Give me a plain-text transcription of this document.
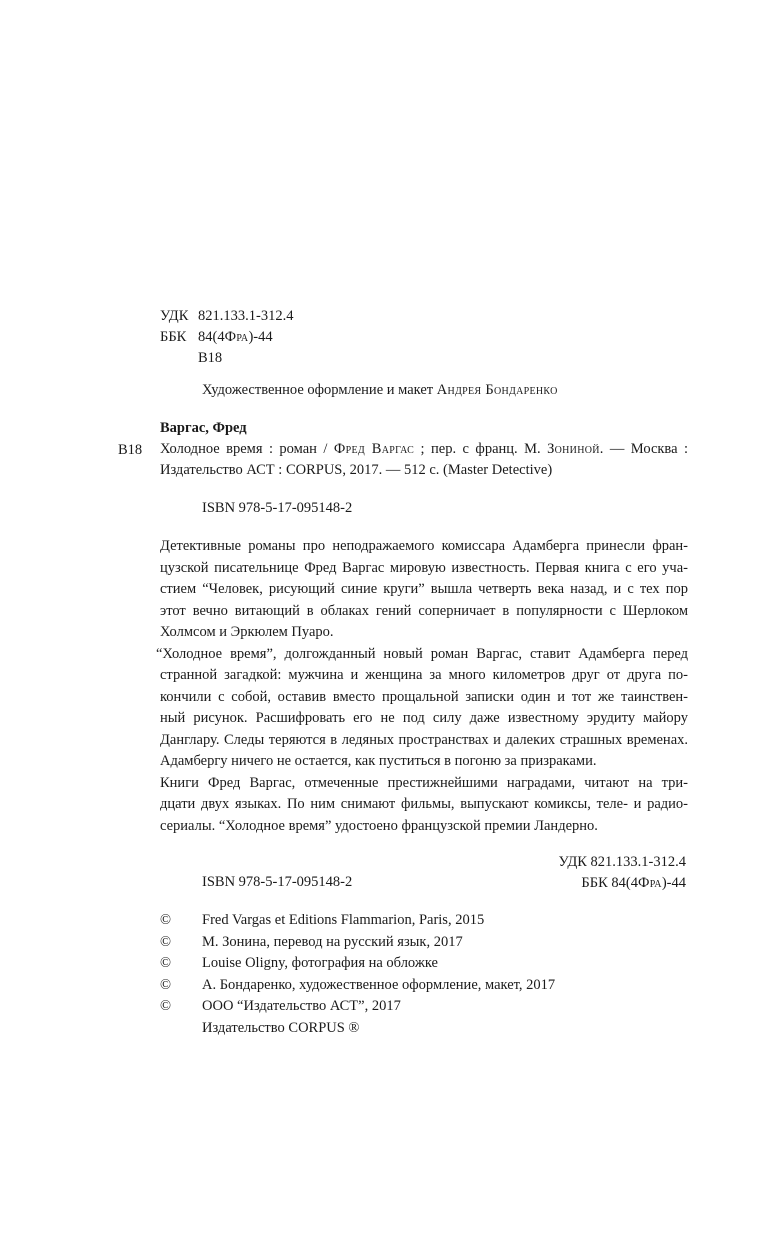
УДК 821.133.1-312.4
ББК 84(4Фра)-44
В18
Художественное оформление и макет Андрея Бондаренко
Варгас, Фред
В18 Холодное время : роман / Фред Варгас ; пер. с франц. М. Зониной. — Москва :
Издательство АСТ : CORPUS, 2017. — 512 с. (Master Detective)
ISBN 978-5-17-095148-2
Детективные романы про неподражаемого комиссара Адамберга принесли фран-
цузской писательнице Фред Варгас мировую известность. Первая книга с его уча-
стием “Человек, рисующий синие круги” вышла четверть века назад, и с тех пор
этот вечно витающий в облаках гений соперничает в популярности с Шерлоком
Холмсом и Эркюлем Пуаро.
“Холодное время”, долгожданный новый роман Варгас, ставит Адамберга перед
странной загадкой: мужчина и женщина за много километров друг от друга по-
кончили с собой, оставив вместо прощальной записки один и тот же таинствен-
ный рисунок. Расшифровать его не под силу даже известному эрудиту майору
Данглару. Следы теряются в ледяных пространствах и далеких страшных временах.
Адамбергу ничего не остается, как пуститься в погоню за призраками.
Книги Фред Варгас, отмеченные престижнейшими наградами, читают на три-
дцати двух языках. По ним снимают фильмы, выпускают комиксы, теле- и радио-
сериалы. “Холодное время” удостоено французской премии Ландерно.
УДК 821.133.1-312.4
ББК 84(4Фра)-44
ISBN 978-5-17-095148-2
©	Fred Vargas et Editions Flammarion, Paris, 2015
©	М. Зонина, перевод на русский язык, 2017
©	Louise Oligny, фотография на обложке
©	А. Бондаренко, художественное оформление, макет, 2017
©	ООО “Издательство АСТ”, 2017
Издательство CORPUS ®
